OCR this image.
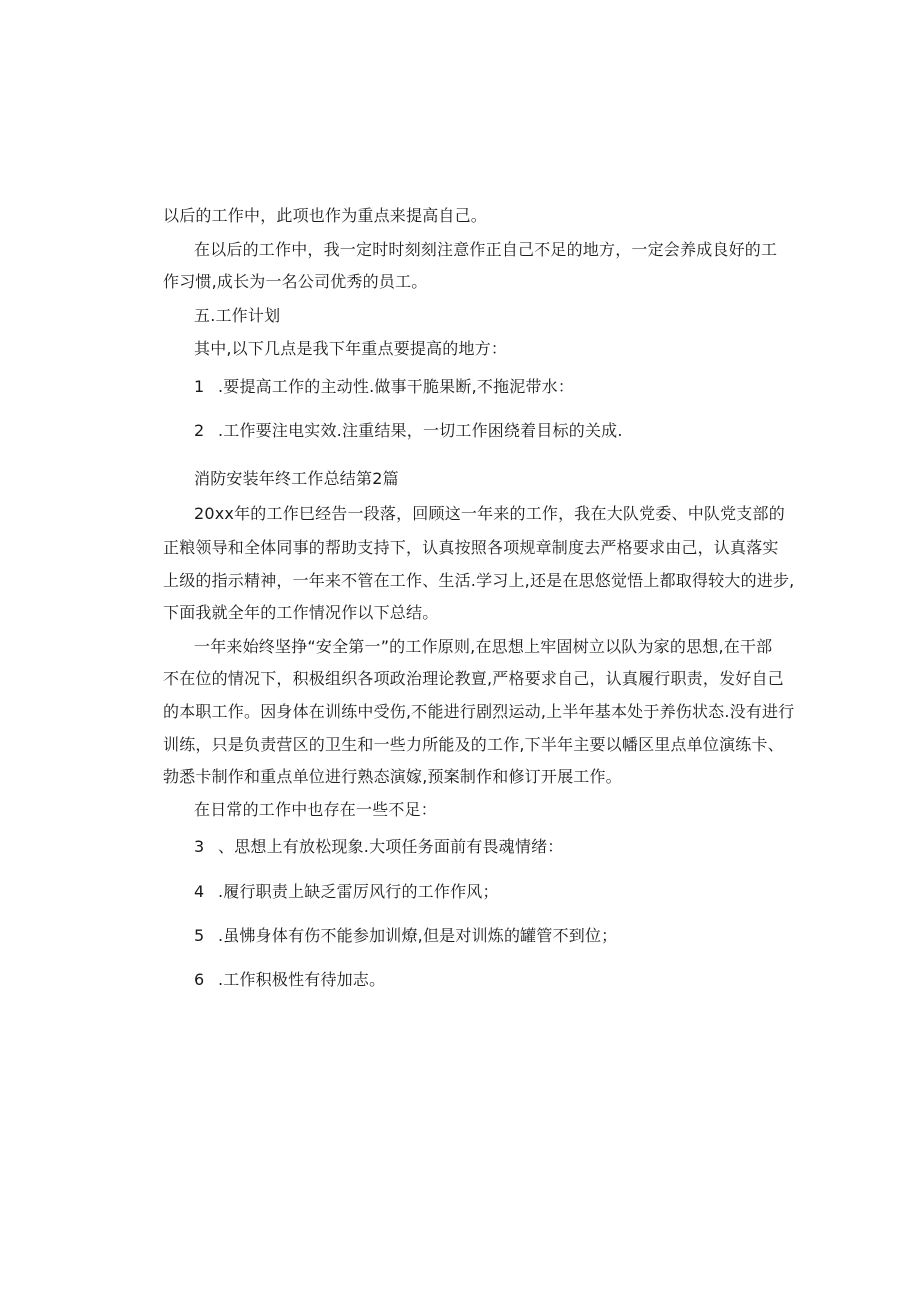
以后的工作中，此项也作为重点来提高自己。
在以后的工作中，我一定时时刻刻注意作正自己不足的地方，一定会养成良好的工
作习惯,成长为一名公司优秀的员工。
五.工作计划
其中,以下几点是我下年重点要提高的地方：
1 .要提高工作的主动性.做事干脆果断,不拖泥带水：
2 .工作要注电实效.注重结果，一切工作困绕着目标的关成.
消防安装年终工作总结第2篇
20xx年的工作巳经告一段落，回顾这一年来的工作，我在大队党委、中队党支部的
正粮领导和全体同事的帮助支持下，认真按照各项规章制度去严格要求由己，认真落实
上级的指示精神，一年来不管在工作、生活.学习上,还是在思悠觉悟上都取得较大的进步,
下面我就全年的工作情况作以下总结。
一年来始终坚挣“安全第一”的工作原则,在思想上牢固树立以队为家的思想,在干部
不在位的情况下，积极组织各项政治理论教亶,严格要求自己，认真履行职责，发好自己
的本职工作。因身体在训练中受伤,不能进行剧烈运动,上半年基本处于养伤状态.没有进行
训练，只是负责营区的卫生和一些力所能及的工作,下半年主要以幡区里点单位演练卡、
勃悉卡制作和重点单位进行熟态演嫁,预案制作和修订开展工作。
在日常的工作中也存在一些不足：
3 、思想上有放松现象.大项任务面前有畏魂情绪：
4 .履行职责上缺乏雷厉风行的工作作风；
5 .虽怫身体有伤不能参加训燎,但是对训炼的罐管不到位；
6 .工作积极性有待加志。
